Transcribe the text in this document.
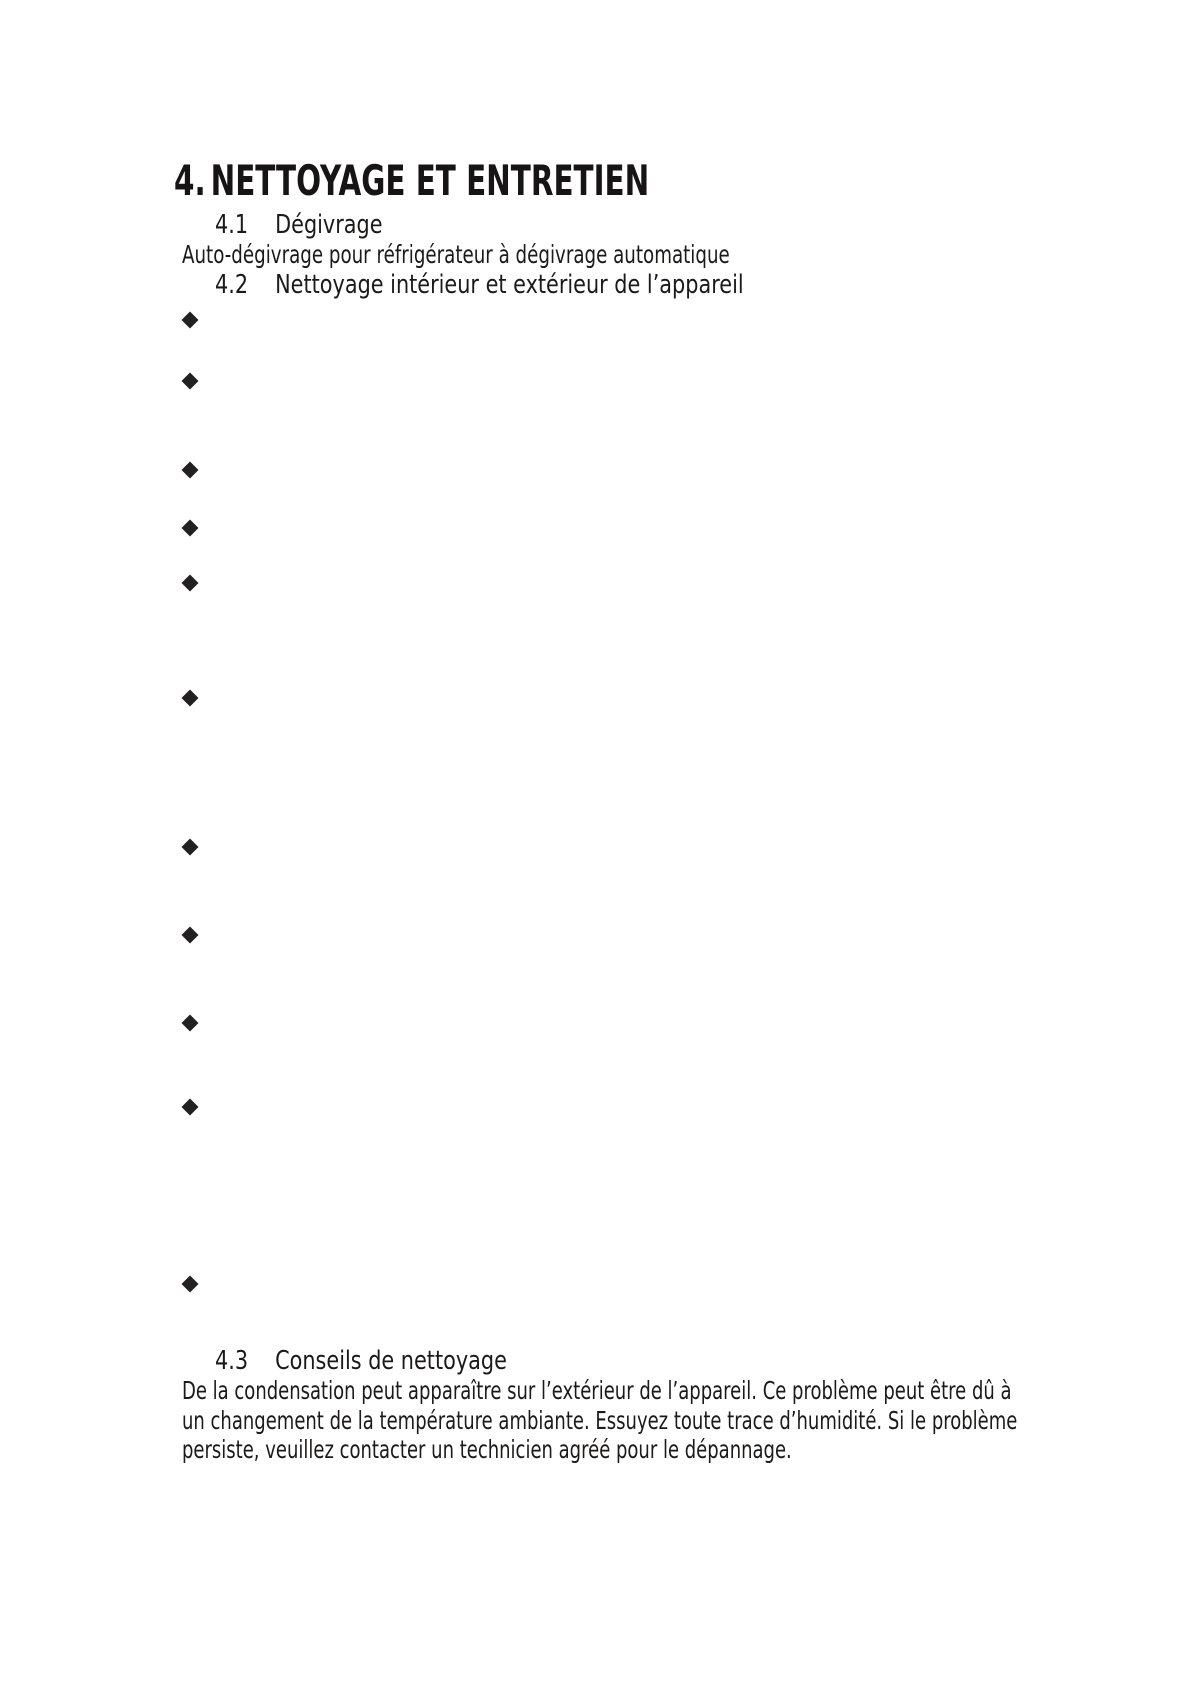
4. NETTOYAGE ET ENTRETIEN
4.1 Dégivrage
Auto-dégivrage pour réfrigérateur à dégivrage automatique
4.2 Nettoyage intérieur et extérieur de l’appareil
4.3 Conseils de nettoyage
De la condensation peut apparaître sur l’extérieur de l’appareil. Ce problème peut être dû à
un changement de la température ambiante. Essuyez toute trace d’humidité. Si le problème
persiste, veuillez contacter un technicien agréé pour le dépannage.
